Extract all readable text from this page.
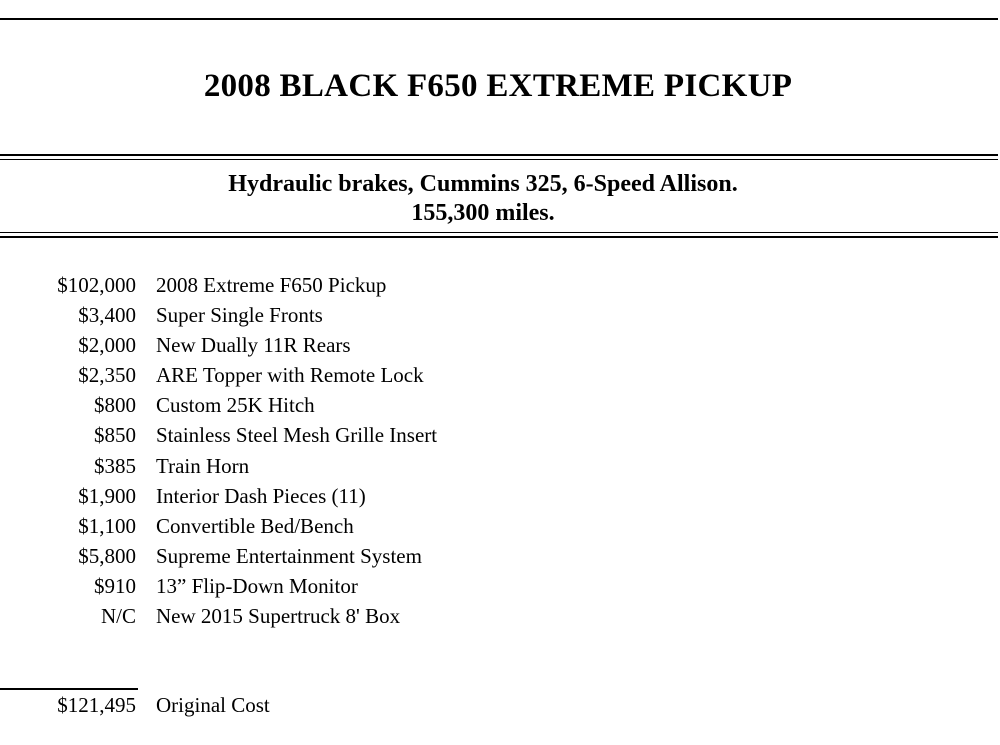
2008 BLACK F650 EXTREME PICKUP
Hydraulic brakes, Cummins 325, 6-Speed Allison.
155,300 miles.
$102,000 2008 Extreme F650 Pickup
$3,400 Super Single Fronts
$2,000 New Dually 11R Rears
$2,350 ARE Topper with Remote Lock
$800 Custom 25K Hitch
$850 Stainless Steel Mesh Grille Insert
$385 Train Horn
$1,900 Interior Dash Pieces (11)
$1,100 Convertible Bed/Bench
$5,800 Supreme Entertainment System
$910 13” Flip-Down Monitor
N/C New 2015 Supertruck 8' Box
$121,495 Original Cost
